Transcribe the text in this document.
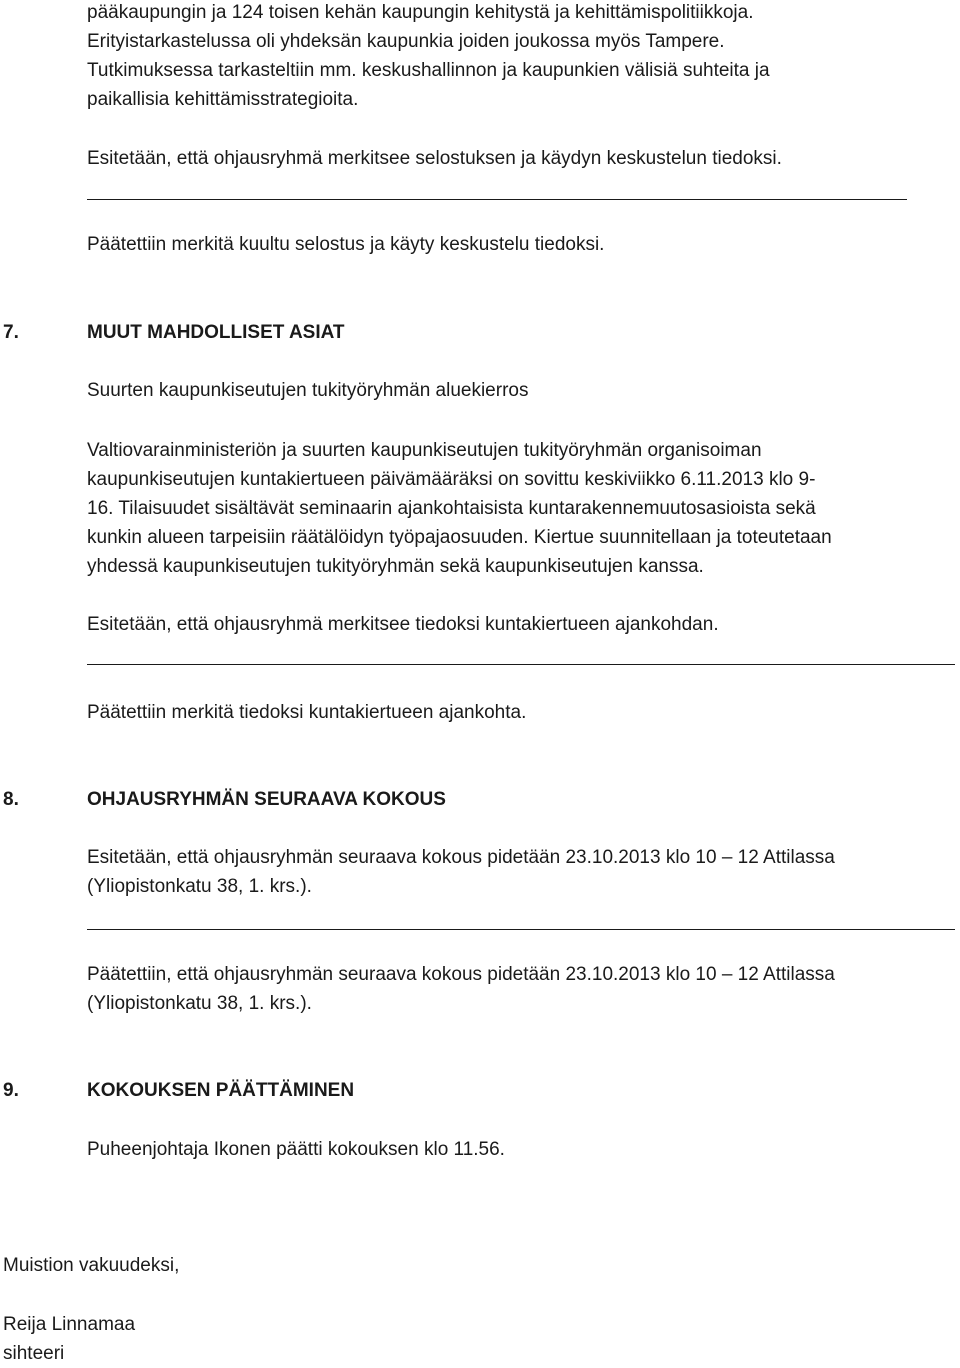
pääkaupungin ja 124 toisen kehän kaupungin kehitystä ja kehittämispolitiikkoja.
Erityistarkastelussa oli yhdeksän kaupunkia joiden joukossa myös Tampere.
Tutkimuksessa tarkasteltiin mm. keskushallinnon ja kaupunkien välisiä suhteita ja
paikallisia kehittämisstrategioita.
Esitetään, että ohjausryhmä merkitsee selostuksen ja käydyn keskustelun tiedoksi.
Päätettiin merkitä kuultu selostus ja käyty keskustelu tiedoksi.
7.	MUUT MAHDOLLISET ASIAT
Suurten kaupunkiseutujen tukityöryhmän aluekierros
Valtiovarainministeriön ja suurten kaupunkiseutujen tukityöryhmän organisoiman
kaupunkiseutujen kuntakiertueen päivämääräksi on sovittu keskiviikko 6.11.2013 klo 9-
16. Tilaisuudet sisältävät seminaarin ajankohtaisista kuntarakennemuutosasioista sekä
kunkin alueen tarpeisiin räätälöidyn työpajaosuuden. Kiertue suunnitellaan ja toteutetaan
yhdessä kaupunkiseutujen tukityöryhmän sekä kaupunkiseutujen kanssa.
Esitetään, että ohjausryhmä merkitsee tiedoksi kuntakiertueen ajankohdan.
Päätettiin merkitä tiedoksi kuntakiertueen ajankohta.
8.	OHJAUSRYHMÄN SEURAAVA KOKOUS
Esitetään, että ohjausryhmän seuraava kokous pidetään 23.10.2013 klo 10 – 12 Attilassa
(Yliopistonkatu 38, 1. krs.).
Päätettiin, että ohjausryhmän seuraava kokous pidetään 23.10.2013 klo 10 – 12 Attilassa
(Yliopistonkatu 38, 1. krs.).
9.	KOKOUKSEN PÄÄTTÄMINEN
Puheenjohtaja Ikonen päätti kokouksen klo 11.56.
Muistion vakuudeksi,
Reija Linnamaa
sihteeri
